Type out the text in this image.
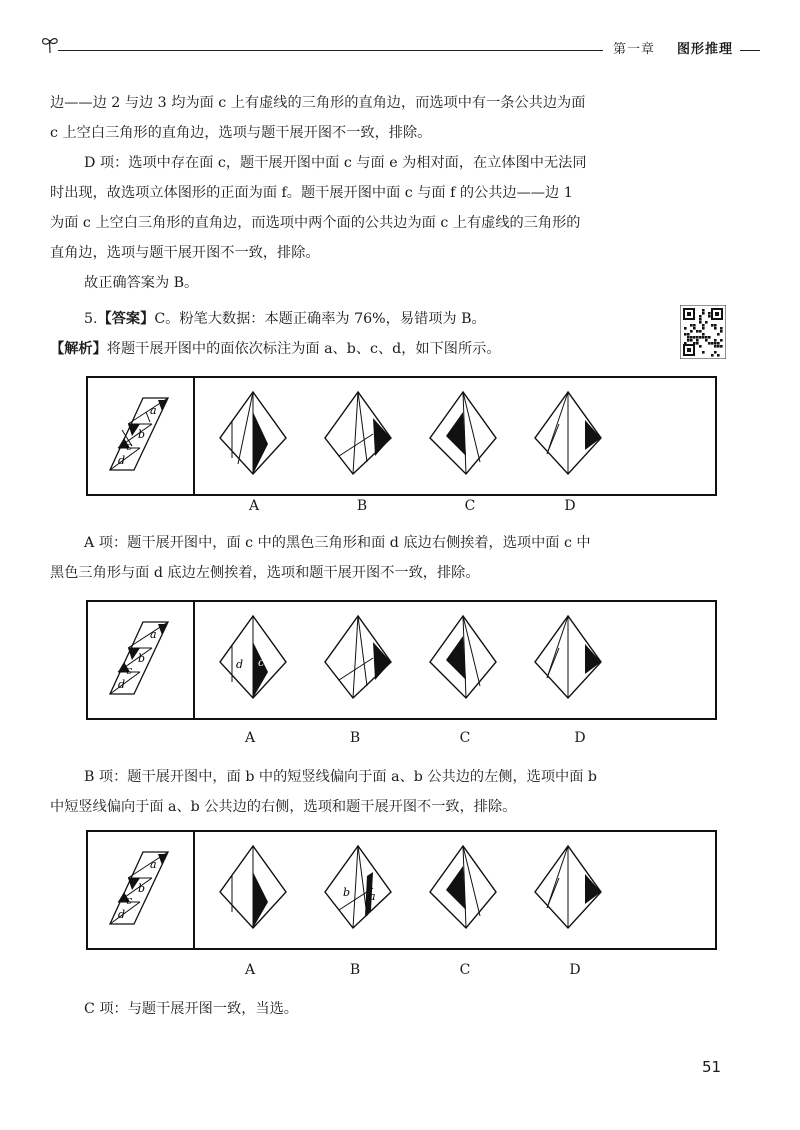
第一章 图形推理
边——边 2 与边 3 均为面 c 上有虚线的三角形的直角边，而选项中有一条公共边为面
c 上空白三角形的直角边，选项与题干展开图不一致，排除。
D 项：选项中存在面 c，题干展开图中面 c 与面 e 为相对面，在立体图中无法同
时出现，故选项立体图形的正面为面 f。题干展开图中面 c 与面 f 的公共边——边 1
为面 c 上空白三角形的直角边，而选项中两个面的公共边为面 c 上有虚线的三角形的
直角边，选项与题干展开图不一致，排除。
故正确答案为 B。
5.【答案】C。粉笔大数据：本题正确率为 76%，易错项为 B。
【解析】将题干展开图中的面依次标注为面 a、b、c、d，如下图所示。
a
b
c
d
A	B	C	D
A 项：题干展开图中，面 c 中的黑色三角形和面 d 底边右侧挨着，选项中面 c 中
黑色三角形与面 d 底边左侧挨着，选项和题干展开图不一致，排除。
a
b
c
d
d c
A	B	C	D
B 项：题干展开图中，面 b 中的短竖线偏向于面 a、b 公共边的左侧，选项中面 b
中短竖线偏向于面 a、b 公共边的右侧，选项和题干展开图不一致，排除。
a
b
c
d
b a
A	B	C	D
C 项：与题干展开图一致，当选。
51
